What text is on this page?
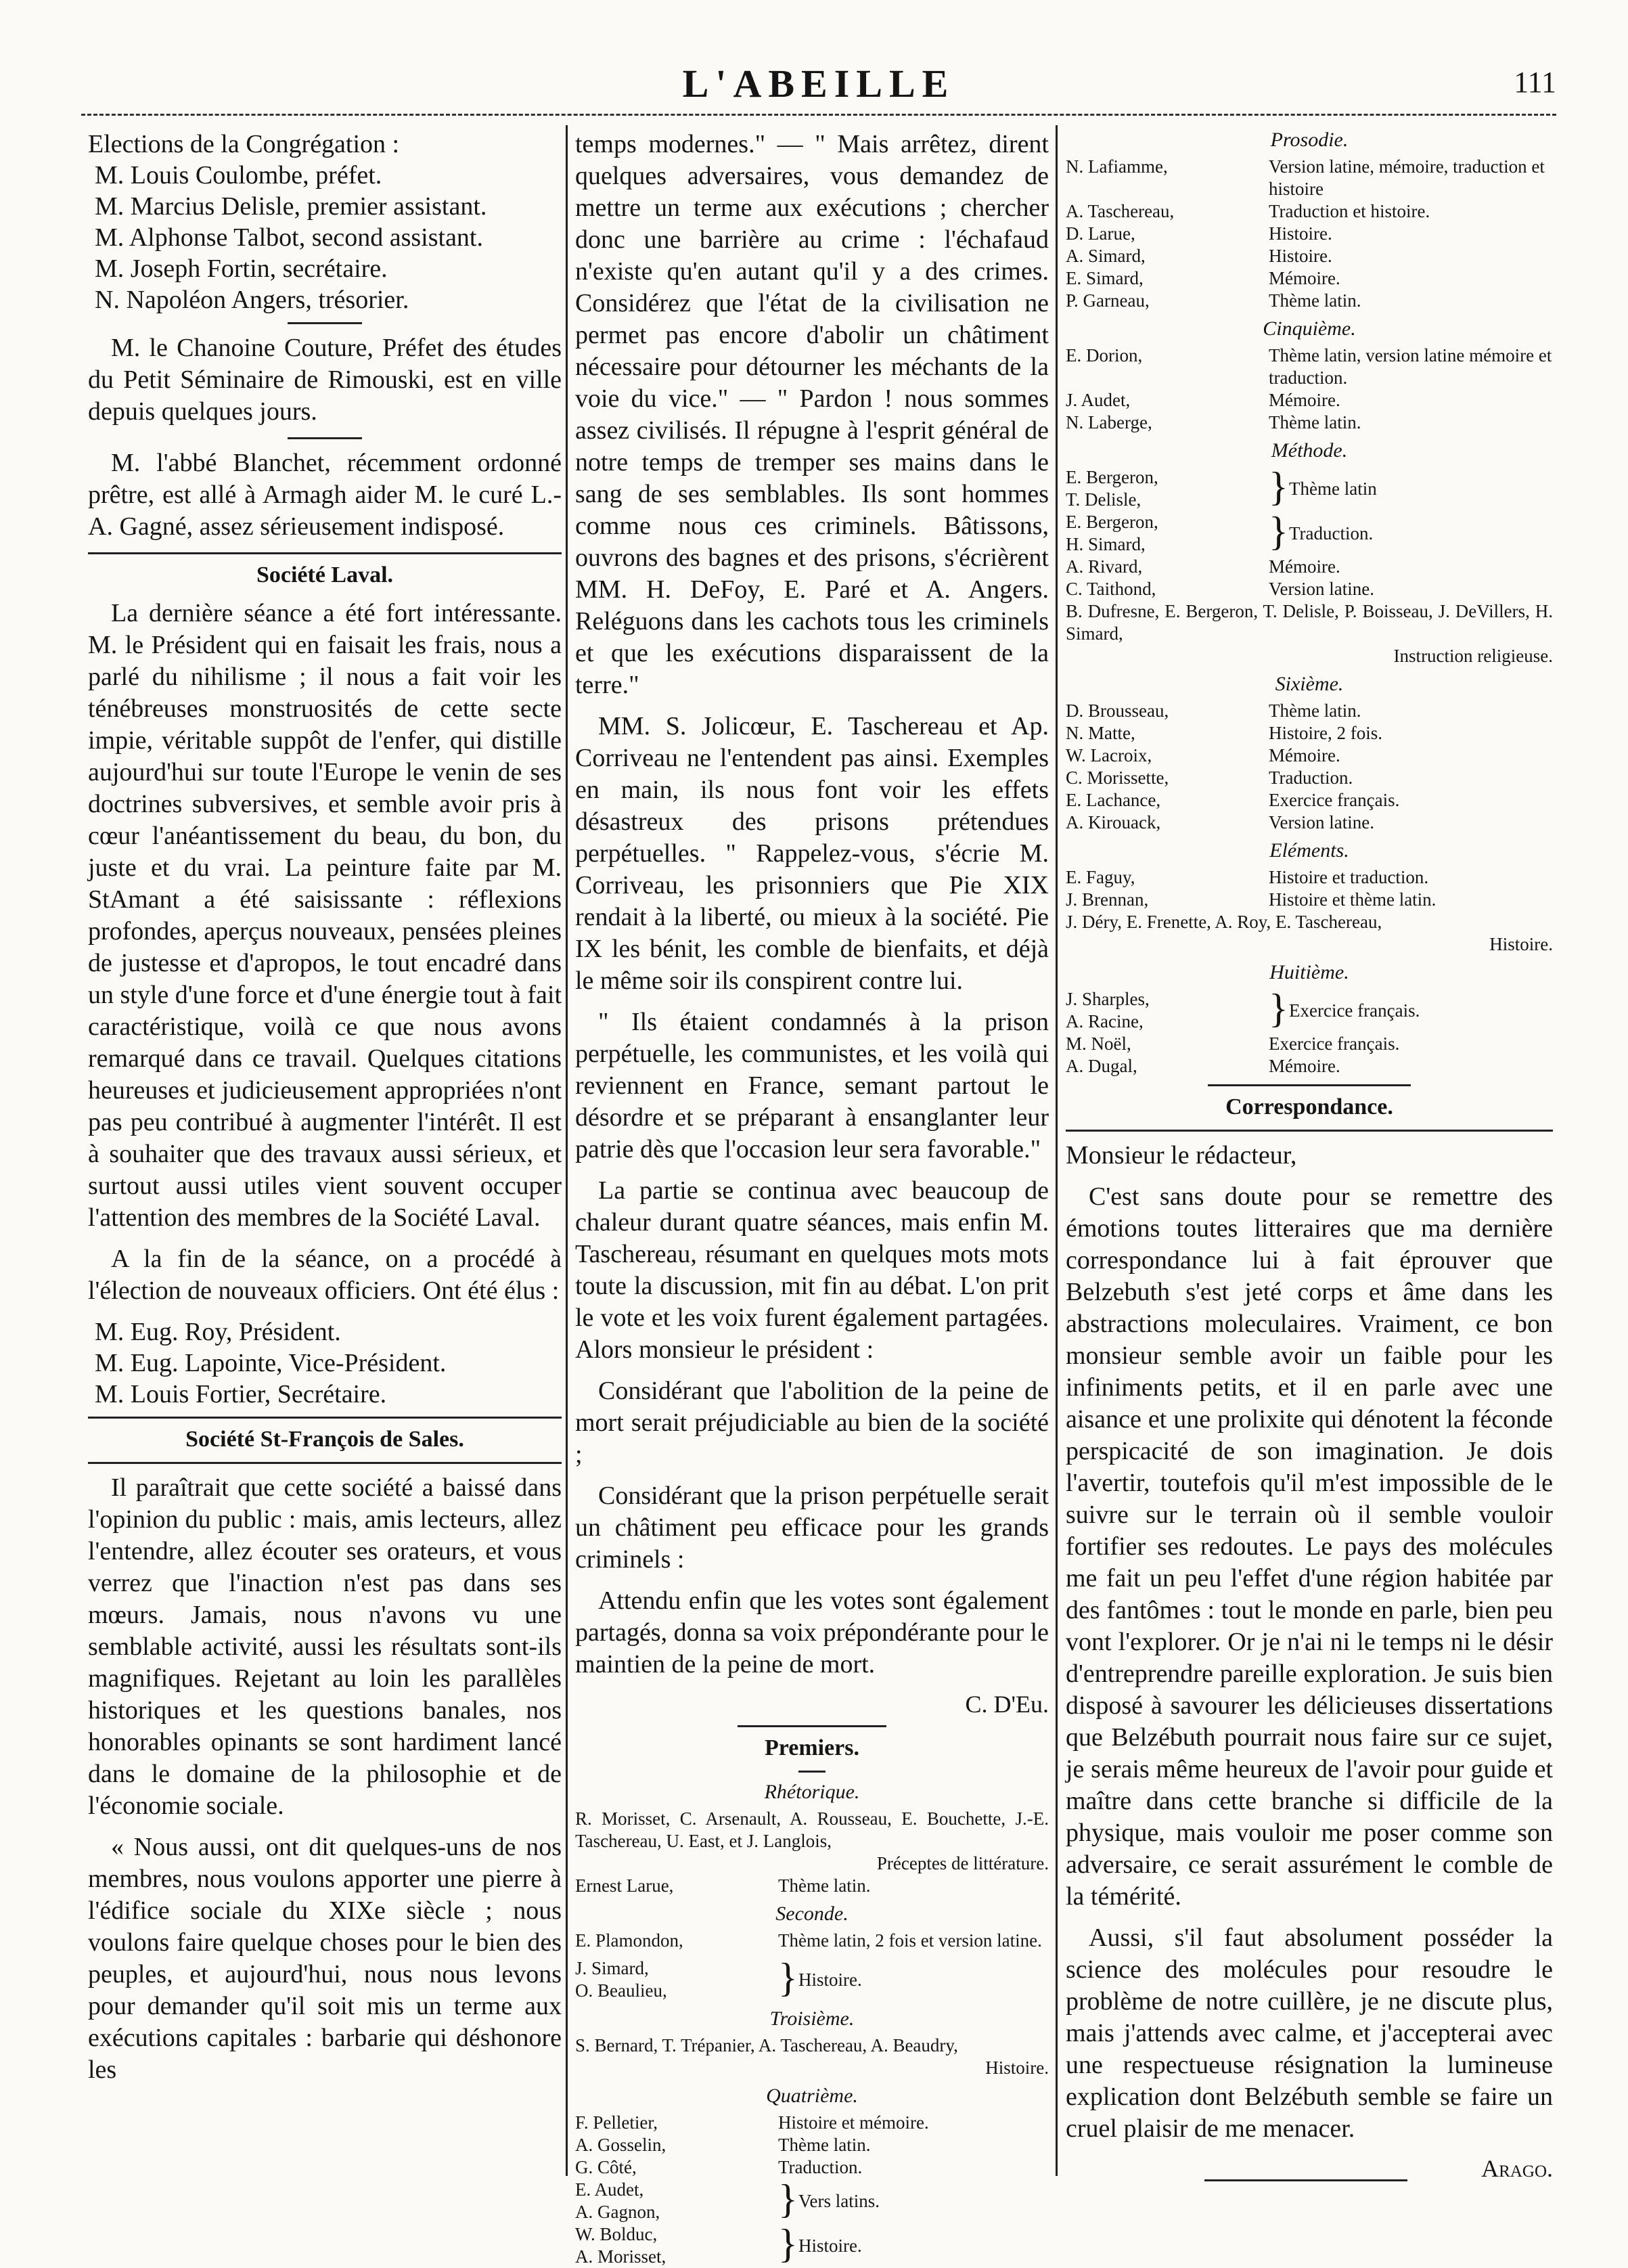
L'ABEILLE	111
Elections de la Congrégation :
M. Louis Coulombe, préfet.
M. Marcius Delisle, premier assistant.
M. Alphonse Talbot, second assistant.
M. Joseph Fortin, secrétaire.
N. Napoléon Angers, trésorier.

M. le Chanoine Couture, Préfet des études du Petit Séminaire de Rimouski, est en ville depuis quelques jours.

M. l'abbé Blanchet, récemment ordonné prêtre, est allé à Armagh aider M. le curé L.-A. Gagné, assez sérieusement indisposé.

Société Laval.

La dernière séance a été fort intéressante. M. le Président qui en faisait les frais, nous a parlé du nihilisme ; il nous a fait voir les ténébreuses monstruosités de cette secte impie, véritable suppôt de l'enfer, qui distille aujourd'hui sur toute l'Europe le venin de ses doctrines subversives, et semble avoir pris à cœur l'anéantissement du beau, du bon, du juste et du vrai. La peinture faite par M. StAmant a été saisissante : réflexions profondes, aperçus nouveaux, pensées pleines de justesse et d'apropos, le tout encadré dans un style d'une force et d'une énergie tout à fait caractéristique, voilà ce que nous avons remarqué dans ce travail. Quelques citations heureuses et judicieusement appropriées n'ont pas peu contribué à augmenter l'intérêt. Il est à souhaiter que des travaux aussi sérieux, et surtout aussi utiles vient souvent occuper l'attention des membres de la Société Laval.

A la fin de la séance, on a procédé à l'élection de nouveaux officiers. Ont été élus :

M. Eug. Roy, Président.
M. Eug. Lapointe, Vice-Président.
M. Louis Fortier, Secrétaire.
Société St-François de Sales.

Il paraîtrait que cette société a baissé dans l'opinion du public : mais, amis lecteurs, allez l'entendre, allez écouter ses orateurs, et vous verrez que l'inaction n'est pas dans ses mœurs. Jamais, nous n'avons vu une semblable activité, aussi les résultats sont-ils magnifiques. Rejetant au loin les parallèles historiques et les questions banales, nos honorables opinants se sont hardiment lancé dans le domaine de la philosophie et de l'économie sociale.

« Nous aussi, ont dit quelques-uns de nos membres, nous voulons apporter une pierre à l'édifice sociale du XIXe siècle ; nous voulons faire quelque choses pour le bien des peuples, et aujourd'hui, nous nous levons pour demander qu'il soit mis un terme aux exécutions capitales : barbarie qui déshonore les

temps modernes." — " Mais arrêtez, dirent quelques adversaires, vous demandez de mettre un terme aux exécutions ; chercher donc une barrière au crime : l'échafaud n'existe qu'en autant qu'il y a des crimes. Considérez que l'état de la civilisation ne permet pas encore d'abolir un châtiment nécessaire pour détourner les méchants de la voie du vice." — " Pardon ! nous sommes assez civilisés. Il répugne à l'esprit général de notre temps de tremper ses mains dans le sang de ses semblables. Ils sont hommes comme nous ces criminels. Bâtissons, ouvrons des bagnes et des prisons, s'écrièrent MM. H. DeFoy, E. Paré et A. Angers. Reléguons dans les cachots tous les criminels et que les exécutions disparaissent de la terre."

MM. S. Jolicœur, E. Taschereau et Ap. Corriveau ne l'entendent pas ainsi. Exemples en main, ils nous font voir les effets désastreux des prisons prétendues perpétuelles. " Rappelez-vous, s'écrie M. Corriveau, les prisonniers que Pie XIX rendait à la liberté, ou mieux à la société. Pie IX les bénit, les comble de bienfaits, et déjà le même soir ils conspirent contre lui.

" Ils étaient condamnés à la prison perpétuelle, les communistes, et les voilà qui reviennent en France, semant partout le désordre et se préparant à ensanglanter leur patrie dès que l'occasion leur sera favorable."

La partie se continua avec beaucoup de chaleur durant quatre séances, mais enfin M. Taschereau, résumant en quelques mots mots toute la discussion, mit fin au débat. L'on prit le vote et les voix furent également partagées. Alors monsieur le président :

Considérant que l'abolition de la peine de mort serait préjudiciable au bien de la société ;

Considérant que la prison perpétuelle serait un châtiment peu efficace pour les grands criminels :

Attendu enfin que les votes sont également partagés, donna sa voix prépondérante pour le maintien de la peine de mort.

C. D'Eu.
Premiers.
Rhétorique.
R. Morisset, C. Arsenault, A. Rousseau, E. Bouchette, J.-E. Taschereau, U. East, et J. Langlois,
Préceptes de littérature.
Ernest Larue,	Thème latin.
Seconde.
E. Plamondon,	Thème latin, 2 fois et version latine.
J. Simard,
O. Beaulieu,	} Histoire.
Troisième.
S. Bernard, T. Trépanier, A. Taschereau, A. Beaudry,
Histoire.
Quatrième.
F. Pelletier,	Histoire et mémoire.
A. Gosselin,	Thème latin.
G. Côté,	Traduction.
E. Audet,
A. Gagnon,	} Vers latins.
W. Bolduc,
A. Morisset,	} Histoire.
Prosodie.
N. Lafiamme,	Version latine, mémoire, traduction et histoire
A. Taschereau,	Traduction et histoire.
D. Larue,	Histoire.
A. Simard,	Histoire.
E. Simard,	Mémoire.
P. Garneau,	Thème latin.
Cinquième.
E. Dorion,	Thème latin, version latine mémoire et traduction.
J. Audet,	Mémoire.
N. Laberge,	Thème latin.
Méthode.
E. Bergeron,
T. Delisle,	} Thème latin
E. Bergeron,
H. Simard,	} Traduction.
A. Rivard,	Mémoire.
C. Taithond,	Version latine.
B. Dufresne, E. Bergeron, T. Delisle, P. Boisseau, J. DeVillers, H. Simard,
Instruction religieuse.
Sixième.
D. Brousseau,	Thème latin.
N. Matte,	Histoire, 2 fois.
W. Lacroix,	Mémoire.
C. Morissette,	Traduction.
E. Lachance,	Exercice français.
A. Kirouack,	Version latine.
Eléments.
E. Faguy,	Histoire et traduction.
J. Brennan,	Histoire et thème latin.
J. Déry, E. Frenette, A. Roy, E. Taschereau,
Histoire.
Huitième.
J. Sharples,
A. Racine,	} Exercice français.
M. Noël,	Exercice français.
A. Dugal,	Mémoire.
Correspondance.

Monsieur le rédacteur,

C'est sans doute pour se remettre des émotions toutes litteraires que ma dernière correspondance lui à fait éprouver que Belzebuth s'est jeté corps et âme dans les abstractions moleculaires. Vraiment, ce bon monsieur semble avoir un faible pour les infiniments petits, et il en parle avec une aisance et une prolixite qui dénotent la féconde perspicacité de son imagination. Je dois l'avertir, toutefois qu'il m'est impossible de le suivre sur le terrain où il semble vouloir fortifier ses redoutes. Le pays des molécules me fait un peu l'effet d'une région habitée par des fantômes : tout le monde en parle, bien peu vont l'explorer. Or je n'ai ni le temps ni le désir d'entreprendre pareille exploration. Je suis bien disposé à savourer les délicieuses dissertations que Belzébuth pourrait nous faire sur ce sujet, je serais même heureux de l'avoir pour guide et maître dans cette branche si difficile de la physique, mais vouloir me poser comme son adversaire, ce serait assurément le comble de la témérité.

Aussi, s'il faut absolument posséder la science des molécules pour resoudre le problème de notre cuillère, je ne discute plus, mais j'attends avec calme, et j'accepterai avec une respectueuse résignation la lumineuse explication dont Belzébuth semble se faire un cruel plaisir de me menacer.

Arago.
